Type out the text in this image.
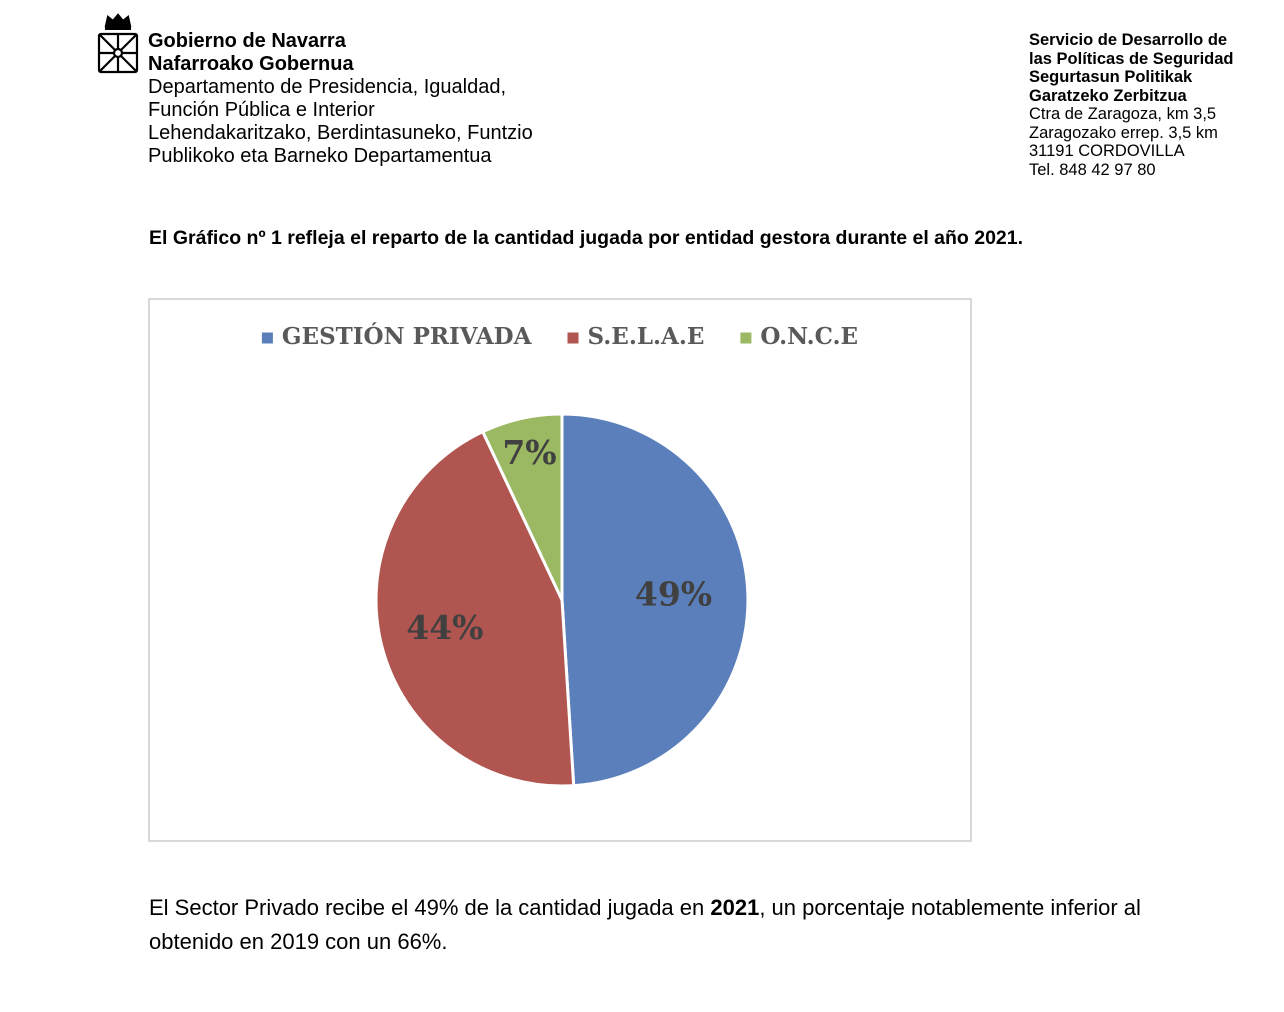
Gobierno de Navarra

Nafarroako Gobernua

Departamento de Presidencia, Igualdad,

Función Pública e Interior

Lehendakaritzako, Berdintasuneko, Funtzio

Publikoko eta Barneko Departamentua

Servicio de Desarrollo de

las Políticas de Seguridad

Segurtasun Politikak

Garatzeko Zerbitzua

Ctra de Zaragoza, km 3,5

Zaragozako errep. 3,5 km

31191 CORDOVILLA

Tel. 848 42 97 80

El Gráfico nº 1 refleja el reparto de la cantidad jugada por entidad gestora durante el año 2021.

GESTIÓN PRIVADA S.E.L.A.E O.N.C.E
49%
44%
7%

El Sector Privado recibe el 49% de la cantidad jugada en 2021, un porcentaje notablemente inferior al obtenido en 2019 con un 66%.
